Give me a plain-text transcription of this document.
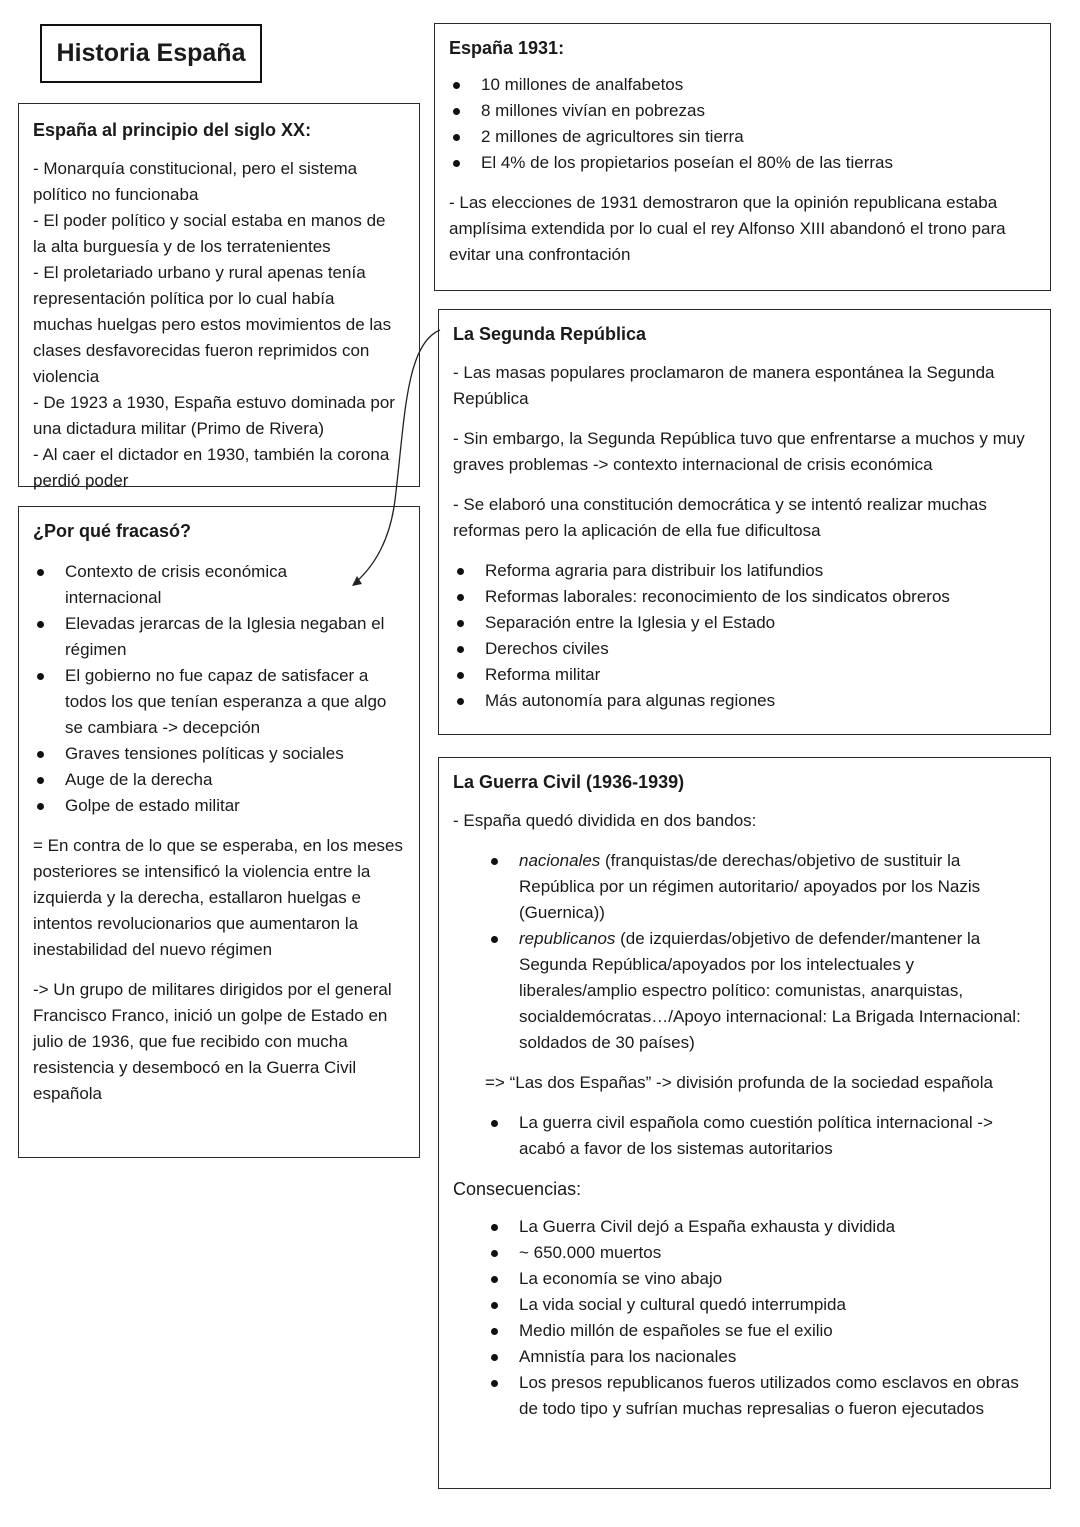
Historia España	España 1931:
10 millones de analfabetos
8 millones vivían en pobrezas
2 millones de agricultores sin tierra
El 4% de los propietarios poseían el 80% de las tierras

- Las elecciones de 1931 demostraron que la opinión republicana estaba amplísima extendida por lo cual el rey Alfonso XIII abandonó el trono para evitar una confrontación

España al principio del siglo XX:

- Monarquía constitucional, pero el sistema político no funcionaba

- El poder político y social estaba en manos de la alta burguesía y de los terratenientes

- El proletariado urbano y rural apenas tenía representación política por lo cual había muchas huelgas pero estos movimientos de las clases desfavorecidas fueron reprimidos con violencia

- De 1923 a 1930, España estuvo dominada por una dictadura militar (Primo de Rivera)

- Al caer el dictador en 1930, también la corona perdió poder

La Segunda República

- Las masas populares proclamaron de manera espontánea la Segunda República

- Sin embargo, la Segunda República tuvo que enfrentarse a muchos y muy graves problemas -> contexto internacional de crisis económica

- Se elaboró una constitución democrática y se intentó realizar muchas reformas pero la aplicación de ella fue dificultosa

Reforma agraria para distribuir los latifundios
Reformas laborales: reconocimiento de los sindicatos obreros
Separación entre la Iglesia y el Estado
Derechos civiles
Reforma militar
Más autonomía para algunas regiones
¿Por qué fracasó?
Contexto de crisis económica internacional
Elevadas jerarcas de la Iglesia negaban el régimen
El gobierno no fue capaz de satisfacer a todos los que tenían esperanza a que algo se cambiara -> decepción
Graves tensiones políticas y sociales
Auge de la derecha
Golpe de estado militar

= En contra de lo que se esperaba, en los meses posteriores se intensificó la violencia entre la izquierda y la derecha, estallaron huelgas e intentos revolucionarios que aumentaron la inestabilidad del nuevo régimen

-> Un grupo de militares dirigidos por el general Francisco Franco, inició un golpe de Estado en julio de 1936, que fue recibido con mucha resistencia y desembocó en la Guerra Civil española

La Guerra Civil (1936-1939)

- España quedó dividida en dos bandos:

nacionales (franquistas/de derechas/objetivo de sustituir la República por un régimen autoritario/ apoyados por los Nazis (Guernica))
republicanos (de izquierdas/objetivo de defender/mantener la Segunda República/apoyados por los intelectuales y liberales/amplio espectro político: comunistas, anarquistas, socialdemócratas…/Apoyo internacional: La Brigada Internacional: soldados de 30 países)

=> “Las dos Españas” -> división profunda de la sociedad española

La guerra civil española como cuestión política internacional -> acabó a favor de los sistemas autoritarios

Consecuencias:

La Guerra Civil dejó a España exhausta y dividida
~ 650.000 muertos
La economía se vino abajo
La vida social y cultural quedó interrumpida
Medio millón de españoles se fue el exilio
Amnistía para los nacionales
Los presos republicanos fueros utilizados como esclavos en obras de todo tipo y sufrían muchas represalias o fueron ejecutados
